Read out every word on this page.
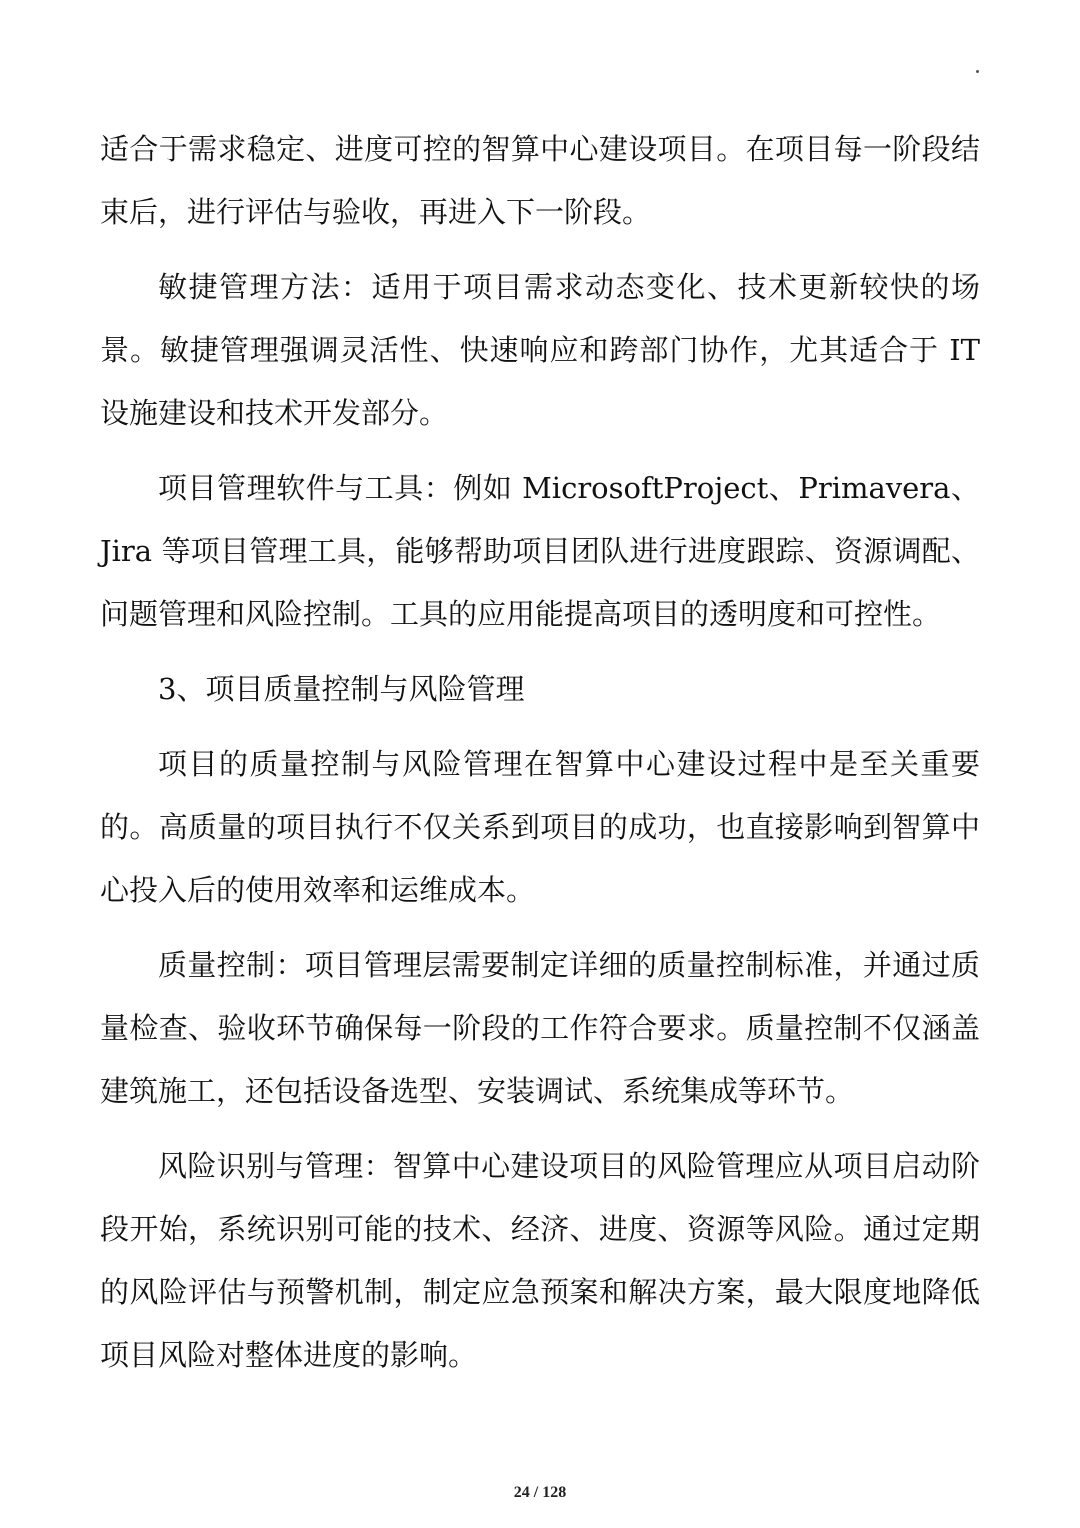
适合于需求稳定、进度可控的智算中心建设项目。在项目每一阶段结束后，进行评估与验收，再进入下一阶段。

敏捷管理方法：适用于项目需求动态变化、技术更新较快的场景。敏捷管理强调灵活性、快速响应和跨部门协作，尤其适合于 IT 设施建设和技术开发部分。

项目管理软件与工具：例如 MicrosoftProject、Primavera、Jira 等项目管理工具，能够帮助项目团队进行进度跟踪、资源调配、问题管理和风险控制。工具的应用能提高项目的透明度和可控性。

3、项目质量控制与风险管理

项目的质量控制与风险管理在智算中心建设过程中是至关重要的。高质量的项目执行不仅关系到项目的成功，也直接影响到智算中心投入后的使用效率和运维成本。

质量控制：项目管理层需要制定详细的质量控制标准，并通过质量检查、验收环节确保每一阶段的工作符合要求。质量控制不仅涵盖建筑施工，还包括设备选型、安装调试、系统集成等环节。

风险识别与管理：智算中心建设项目的风险管理应从项目启动阶段开始，系统识别可能的技术、经济、进度、资源等风险。通过定期的风险评估与预警机制，制定应急预案和解决方案，最大限度地降低项目风险对整体进度的影响。

24 / 128
